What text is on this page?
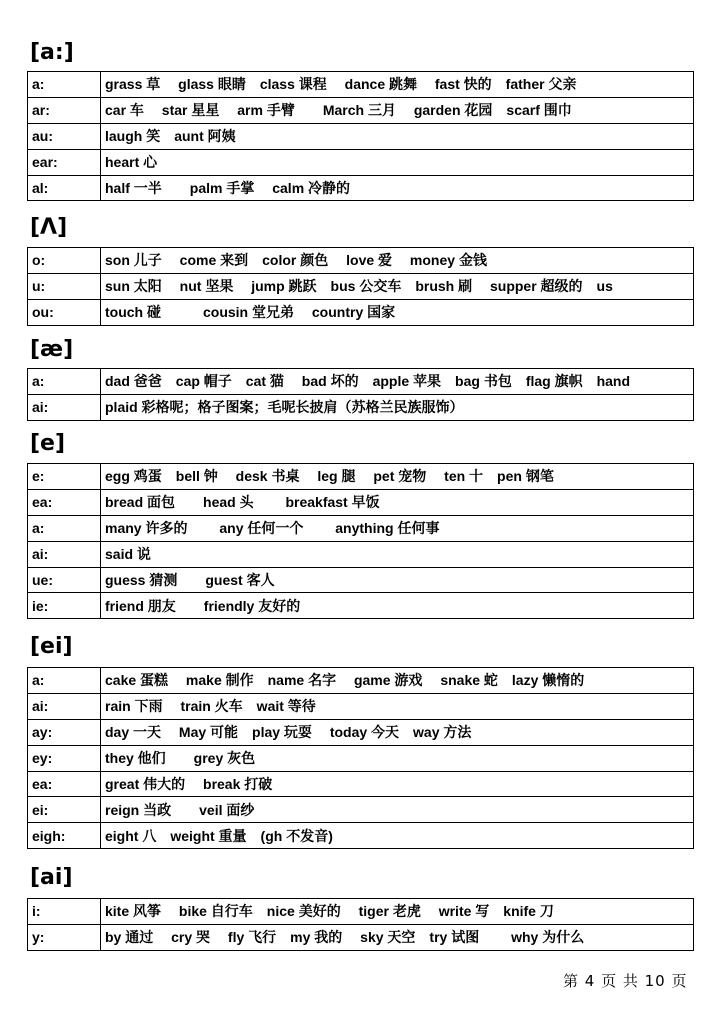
[a:]
a:	grass 草　 glass 眼睛　class 课程　 dance 跳舞　 fast 快的　father 父亲
ar:	car 车　 star 星星　 arm 手臂　　March 三月　 garden 花园　scarf 围巾
au:	laugh 笑　aunt 阿姨
ear:	heart 心
al:	half 一半　　palm 手掌　 calm 冷静的
[Λ]
o:	son 儿子　 come 来到　color 颜色　 love 爱　 money 金钱
u:	sun 太阳　 nut 坚果　 jump 跳跃　bus 公交车　brush 刷　 supper 超级的　us
ou:	touch 碰　　　cousin 堂兄弟　 country 国家
[æ]
a:	dad 爸爸　cap 帽子　cat 猫　 bad 坏的　apple 苹果　bag 书包　flag 旗帜　hand
ai:	plaid 彩格呢；格子图案；毛呢长披肩（苏格兰民族服饰）
[e]
e:	egg 鸡蛋　bell 钟　 desk 书桌　 leg 腿　 pet 宠物　 ten 十　pen 钢笔
ea:	bread 面包　　head 头　　 breakfast 早饭
a:	many 许多的　　 any 任何一个　　 anything 任何事
ai:	said 说
ue:	guess 猜测　　guest 客人
ie:	friend 朋友　　friendly 友好的
[ei]
a:	cake 蛋糕　 make 制作　name 名字　 game 游戏　 snake 蛇　lazy 懒惰的
ai:	rain 下雨　 train 火车　wait 等待
ay:	day 一天　 May 可能　play 玩耍　 today 今天　way 方法
ey:	they 他们　　grey 灰色
ea:	great 伟大的　 break 打破
ei:	reign 当政　　veil 面纱
eigh:	eight 八　weight 重量　(gh 不发音)
[ai]
i:	kite 风筝　 bike 自行车　nice 美好的　 tiger 老虎　 write 写　knife 刀
y:	by 通过　 cry 哭　 fly 飞行　my 我的　 sky 天空　try 试图　　 why 为什么
第 4 页 共 10 页
